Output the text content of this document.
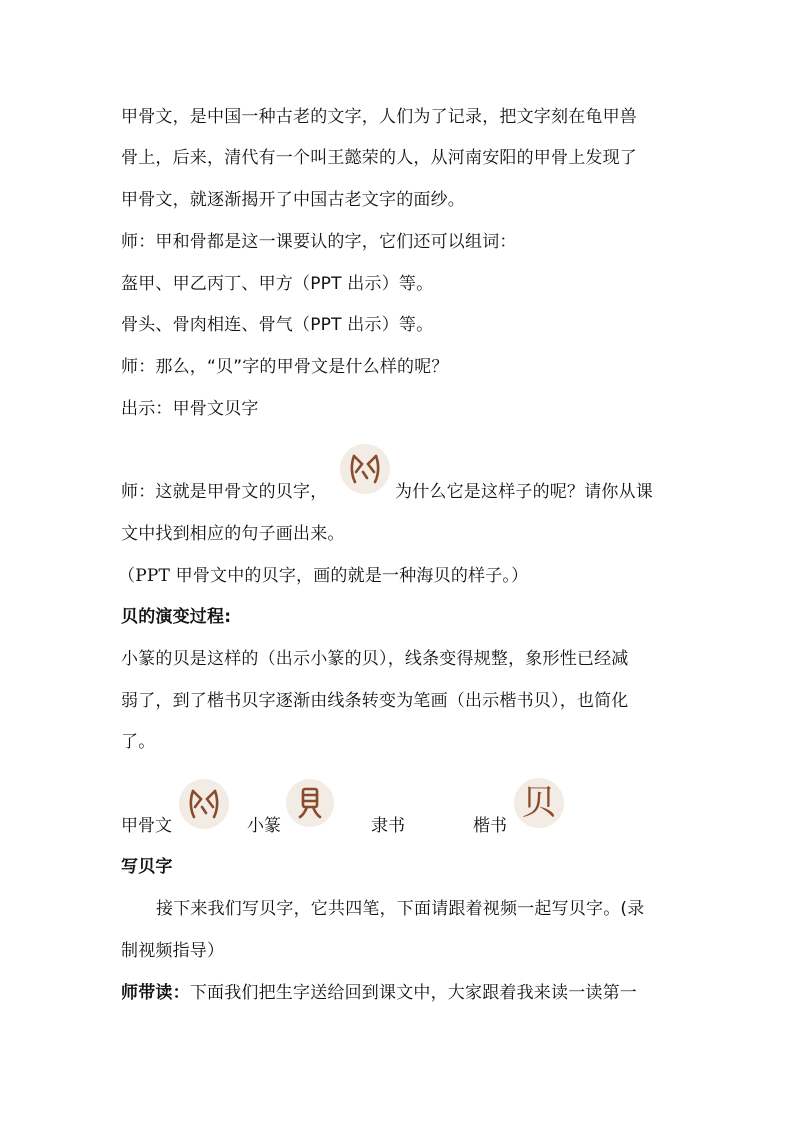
甲骨文，是中国一种古老的文字，人们为了记录，把文字刻在龟甲兽
骨上，后来，清代有一个叫王懿荣的人，从河南安阳的甲骨上发现了
甲骨文，就逐渐揭开了中国古老文字的面纱。
师：甲和骨都是这一课要认的字，它们还可以组词：
盔甲、甲乙丙丁、甲方（PPT 出示）等。
骨头、骨肉相连、骨气（PPT 出示）等。
师：那么，“贝”字的甲骨文是什么样的呢？
出示：甲骨文贝字
师：这就是甲骨文的贝字，	为什么它是这样子的呢？请你从课
文中找到相应的句子画出来。
（PPT 甲骨文中的贝字，画的就是一种海贝的样子。）
贝的演变过程:
小篆的贝是这样的（出示小篆的贝），线条变得规整，象形性已经减
弱了，到了楷书贝字逐渐由线条转变为笔画（出示楷书贝），也简化
了。
甲骨文	小篆	隶书	楷书
贝
写贝字
接下来我们写贝字，它共四笔，下面请跟着视频一起写贝字。(录
制视频指导）
师带读：下面我们把生字送给回到课文中，大家跟着我来读一读第一
